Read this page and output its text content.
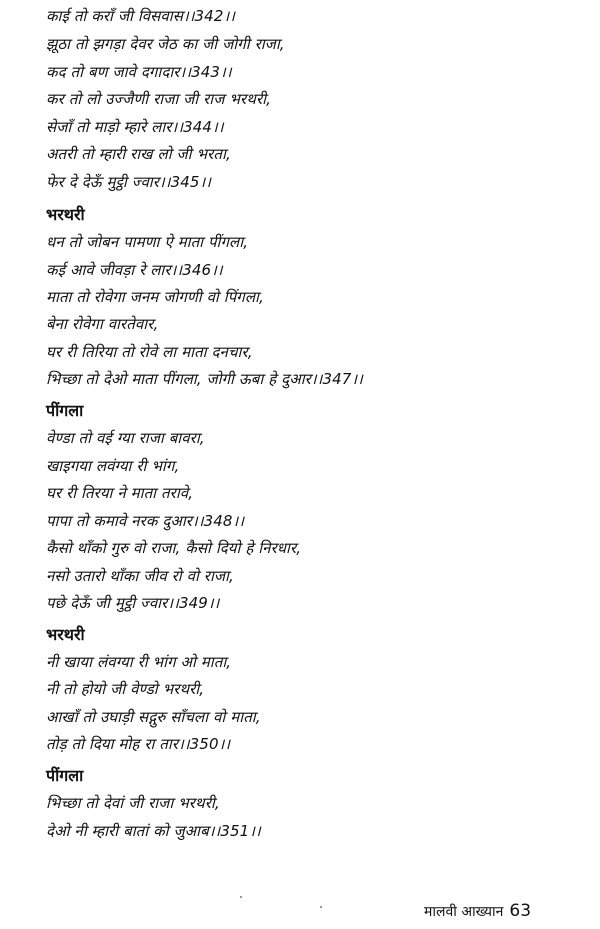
काई तो करॉं जी विसवास।।342।।
झूठा तो झगड़ा देवर जेठ का जी जोगी राजा,
कद तो बण जावे दगादार।।343।।
कर तो लो उज्जैणी राजा जी राज भरथरी,
सेजॉं तो माड़ो म्हारे लार।।344।।
अतरी तो म्हारी राख लो जी भरता,
फेर दे देऊँ मुट्ठी ज्वार।।345।।
भरथरी
धन तो जोबन पामणा ऐ माता पींगला,
कई आवे जीवड़ा रे लार।।346।।
माता तो रोवेगा जनम जोगणी वो पिंगला,
बेना रोवेगा वारतेवार,
घर री तिरिया तो रोवे ला माता दनचार,
भिच्छा तो देओ माता पींगला, जोगी ऊबा हे दुआर।।347।।
पींगला
वेण्डा तो वई ग्या राजा बावरा,
खाइगया लवंग्या री भांग,
घर री तिरया ने माता तरावे,
पापा तो कमावे नरक दुआर।।348।।
कैसो थॉंको गुरु वो राजा, कैसो दियो हे निरधार,
नसो उतारो थॉंका जीव रो वो राजा,
पछे देऊँ जी मुट्ठी ज्वार।।349।।
भरथरी
नी खाया लंवग्या री भांग ओ माता,
नी तो होयो जी वेण्डो भरथरी,
आखॉं तो उघाड़ी सद्गुरु सॉंचला वो माता,
तोड़ तो दिया मोह रा तार।।350।।
पींगला
भिच्छा तो देवां जी राजा भरथरी,
देओ नी म्हारी बातां को जुआब।।351।।
मालवी आख्यान 63
